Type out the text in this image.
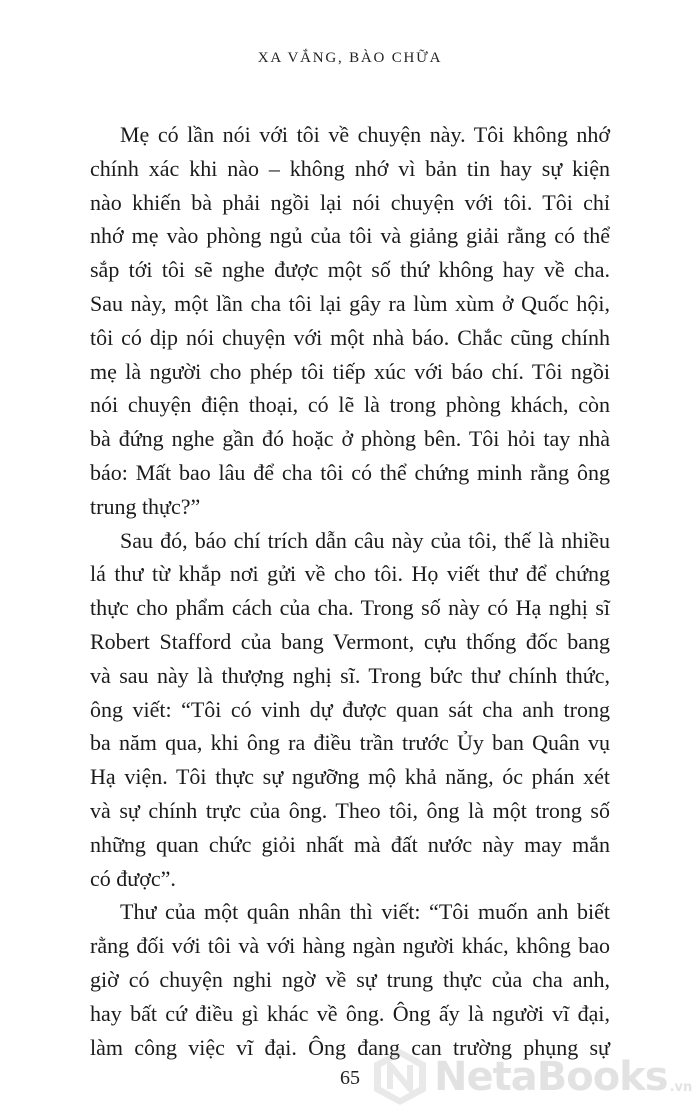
XA VẮNG, BÀO CHỮA
Mẹ có lần nói với tôi về chuyện này. Tôi không nhớ
chính xác khi nào – không nhớ vì bản tin hay sự kiện
nào khiến bà phải ngồi lại nói chuyện với tôi. Tôi chỉ
nhớ mẹ vào phòng ngủ của tôi và giảng giải rằng có thể
sắp tới tôi sẽ nghe được một số thứ không hay về cha.
Sau này, một lần cha tôi lại gây ra lùm xùm ở Quốc hội,
tôi có dịp nói chuyện với một nhà báo. Chắc cũng chính
mẹ là người cho phép tôi tiếp xúc với báo chí. Tôi ngồi
nói chuyện điện thoại, có lẽ là trong phòng khách, còn
bà đứng nghe gần đó hoặc ở phòng bên. Tôi hỏi tay nhà
báo: Mất bao lâu để cha tôi có thể chứng minh rằng ông
trung thực?”
Sau đó, báo chí trích dẫn câu này của tôi, thế là nhiều
lá thư từ khắp nơi gửi về cho tôi. Họ viết thư để chứng
thực cho phẩm cách của cha. Trong số này có Hạ nghị sĩ
Robert Stafford của bang Vermont, cựu thống đốc bang
và sau này là thượng nghị sĩ. Trong bức thư chính thức,
ông viết: “Tôi có vinh dự được quan sát cha anh trong
ba năm qua, khi ông ra điều trần trước Ủy ban Quân vụ
Hạ viện. Tôi thực sự ngưỡng mộ khả năng, óc phán xét
và sự chính trực của ông. Theo tôi, ông là một trong số
những quan chức giỏi nhất mà đất nước này may mắn
có được”.
Thư của một quân nhân thì viết: “Tôi muốn anh biết
rằng đối với tôi và với hàng ngàn người khác, không bao
giờ có chuyện nghi ngờ về sự trung thực của cha anh,
hay bất cứ điều gì khác về ông. Ông ấy là người vĩ đại,
làm công việc vĩ đại. Ông đang can trường phụng sự
65	NetaBooks .vn
